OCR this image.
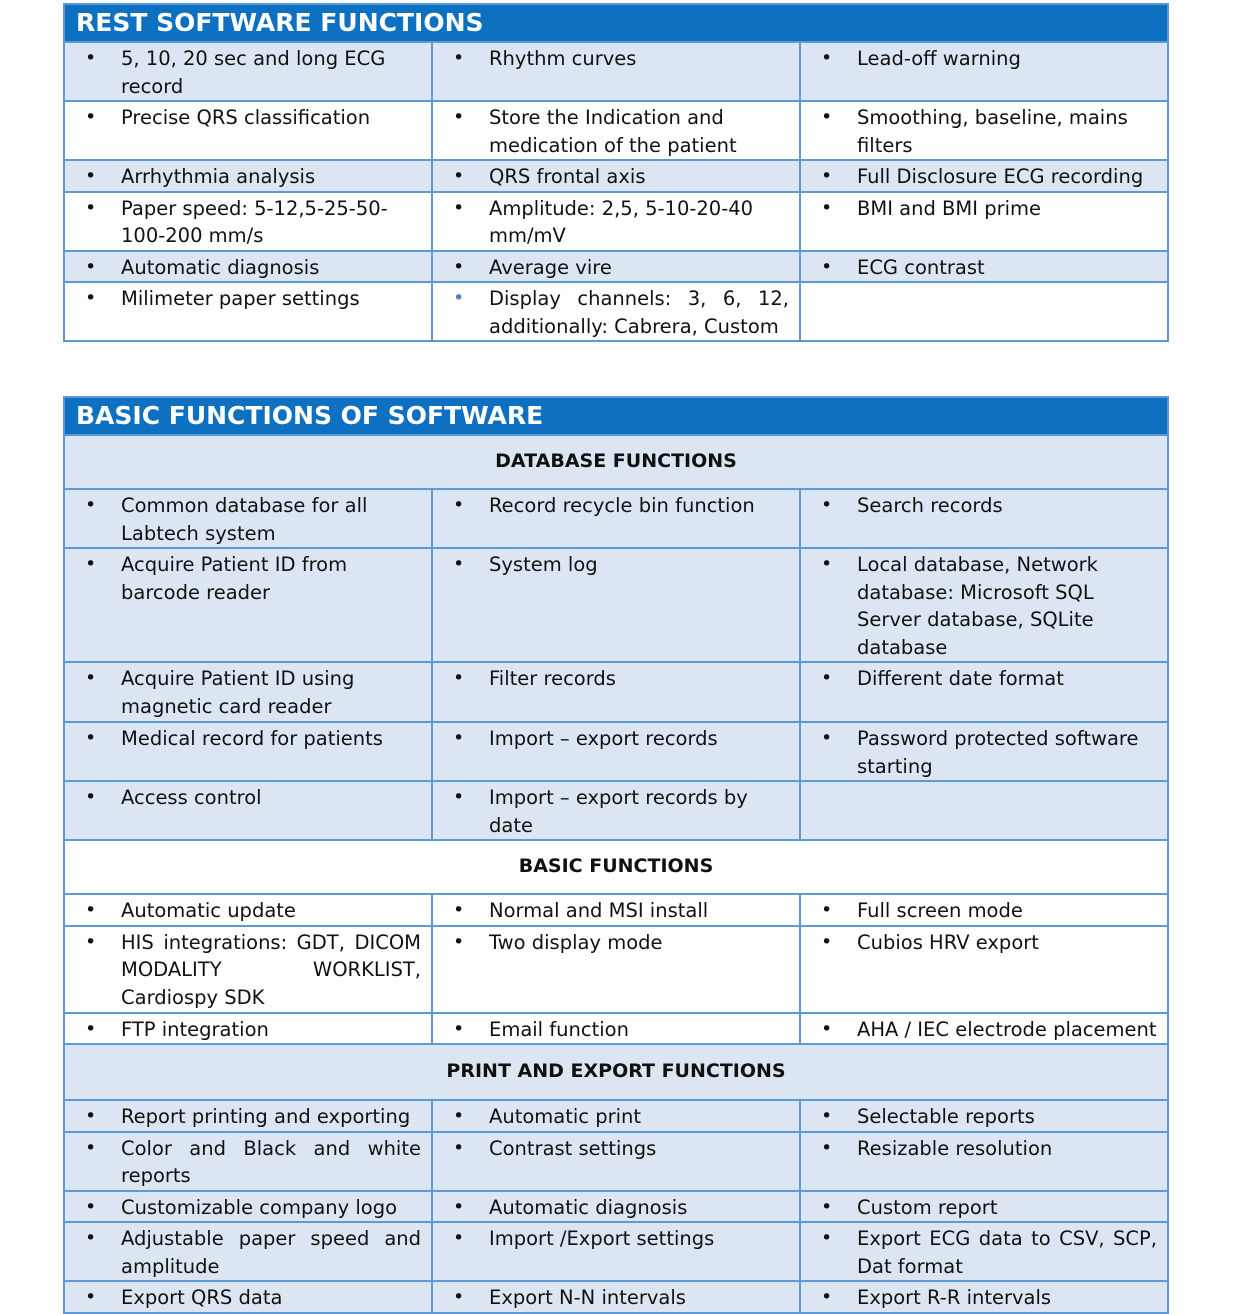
REST SOFTWARE FUNCTIONS		

• 5, 10, 20 sec and long ECG record	• Rhythm curves	• Lead-off warning

• Precise QRS classification	• Store the Indication and medication of the patient	• Smoothing, baseline, mains filters

• Arrhythmia analysis	• QRS frontal axis	• Full Disclosure ECG recording

• Paper speed: 5-12,5-25-50-100-200 mm/s	• Amplitude: 2,5, 5-10-20-40 mm/mV	• BMI and BMI prime

• Automatic diagnosis	• Average vire	• ECG contrast

• Milimeter paper settings	• Display channels: 3, 6, 12, additionally: Cabrera, Custom	

BASIC FUNCTIONS OF SOFTWARE		
DATABASE FUNCTIONS		

• Common database for all Labtech system	• Record recycle bin function	• Search records

• Acquire Patient ID from barcode reader	• System log	• Local database, Network database: Microsoft SQL Server database, SQLite database

• Acquire Patient ID using magnetic card reader	• Filter records	• Different date format

• Medical record for patients	• Import – export records	• Password protected software starting

• Access control	• Import – export records by date	

BASIC FUNCTIONS		

• Automatic update	• Normal and MSI install	• Full screen mode

• HIS integrations: GDT, DICOM MODALITY WORKLIST, Cardiospy SDK	• Two display mode	• Cubios HRV export

• FTP integration	• Email function	• AHA / IEC electrode placement

PRINT AND EXPORT FUNCTIONS		

• Report printing and exporting	• Automatic print	• Selectable reports

• Color and Black and white reports	• Contrast settings	• Resizable resolution

• Customizable company logo	• Automatic diagnosis	• Custom report

• Adjustable paper speed and amplitude	• Import /Export settings	• Export ECG data to CSV, SCP, Dat format

• Export QRS data	• Export N-N intervals	• Export R-R intervals
